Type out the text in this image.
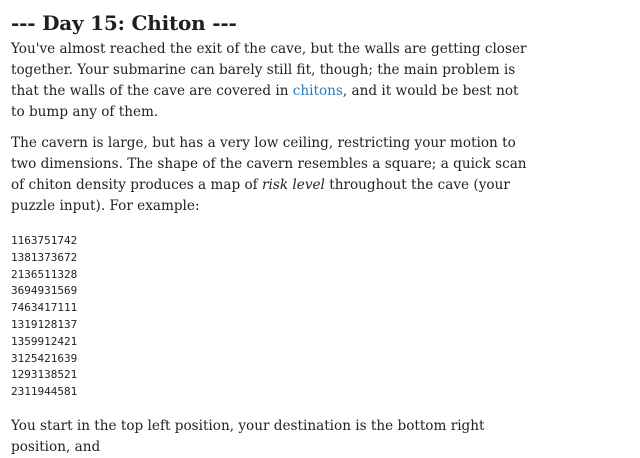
--- Day 15: Chiton ---

You've almost reached the exit of the cave, but the walls are getting closer together. Your submarine can barely still fit, though; the main problem is that the walls of the cave are covered in chitons, and it would be best not to bump any of them.

The cavern is large, but has a very low ceiling, restricting your motion to two dimensions. The shape of the cavern resembles a square; a quick scan of chiton density produces a map of risk level throughout the cave (your puzzle input). For example:

1163751742
1381373672
2136511328
3694931569
7463417111
1319128137
1359912421
3125421639
1293138521
2311944581

You start in the top left position, your destination is the bottom right position, and
